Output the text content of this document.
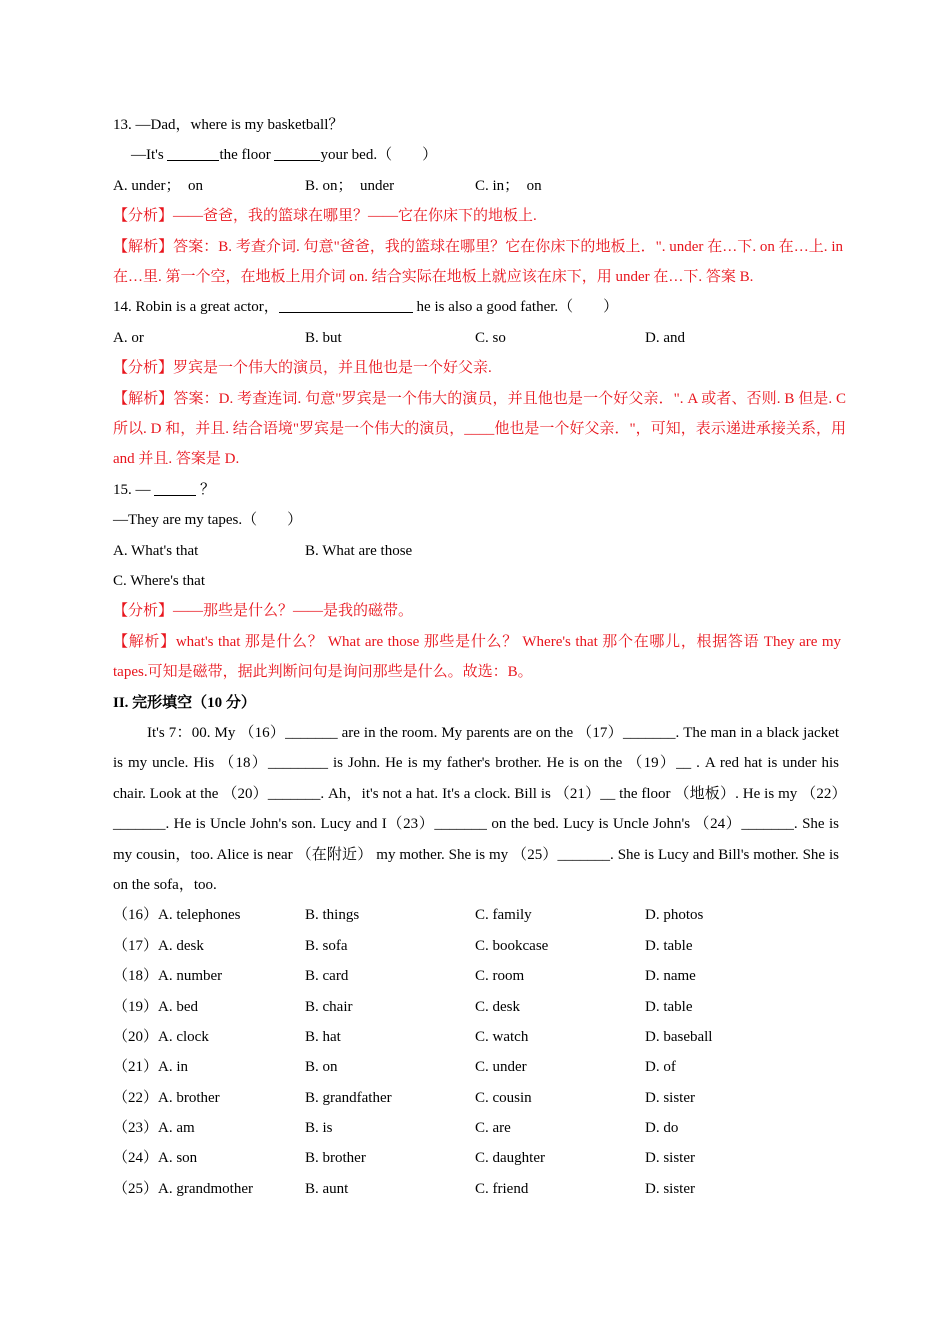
13. —Dad，where is my basketball？
—It's	the floor	your bed.（　　）
A. under；　on	B. on；　under	C. in；　on
【分析】——爸爸，我的篮球在哪里？——它在你床下的地板上.
【解析】答案：B. 考查介词. 句意"爸爸，我的篮球在哪里？它在你床下的地板上．". under 在…下. on 在…上. in 在…里. 第一个空，在地板上用介词 on. 结合实际在地板上就应该在床下，用 under 在…下. 答案 B.
14. Robin is a great actor，	he is also a good father.（　　）
A. or	B. but	C. so	D. and
【分析】罗宾是一个伟大的演员，并且他也是一个好父亲.
【解析】答案：D. 考查连词. 句意"罗宾是一个伟大的演员，并且他也是一个好父亲．". A 或者、否则. B 但是. C 所以. D 和，并且. 结合语境"罗宾是一个伟大的演员，____他也是一个好父亲．"，可知，表示递进承接关系，用 and 并且. 答案是 D.
15. —	？
—They are my tapes.（　　）
A. What's that	B. What are those
C. Where's that
【分析】——那些是什么？——是我的磁带。
【解析】what's that 那是什么？ What are those 那些是什么？ Where's that 那个在哪儿，根据答语 They are my tapes.可知是磁带，据此判断问句是询问那些是什么。故选：B。
II. 完形填空（10 分）
It's 7：00. My （16）_______ are in the room. My parents are on the （17）_______. The man in a black jacket is my uncle. His （18）________ is John. He is my father's brother. He is on the （19）__ . A red hat is under his chair. Look at the （20）_______. Ah，it's not a hat. It's a clock. Bill is （21）__ the floor （地板）. He is my （22）_______. He is Uncle John's son. Lucy and I（23）_______ on the bed. Lucy is Uncle John's （24）_______. She is my cousin，too. Alice is near （在附近） my mother. She is my （25）_______. She is Lucy and Bill's mother. She is on the sofa，too.
（16）A. telephones	B. things	C. family	D. photos
（17）A. desk	B. sofa	C. bookcase	D. table
（18）A. number	B. card	C. room	D. name
（19）A. bed	B. chair	C. desk	D. table
（20）A. clock	B. hat	C. watch	D. baseball
（21）A. in	B. on	C. under	D. of
（22）A. brother	B. grandfather	C. cousin	D. sister
（23）A. am	B. is	C. are	D. do
（24）A. son	B. brother	C. daughter	D. sister
（25）A. grandmother	B. aunt	C. friend	D. sister
